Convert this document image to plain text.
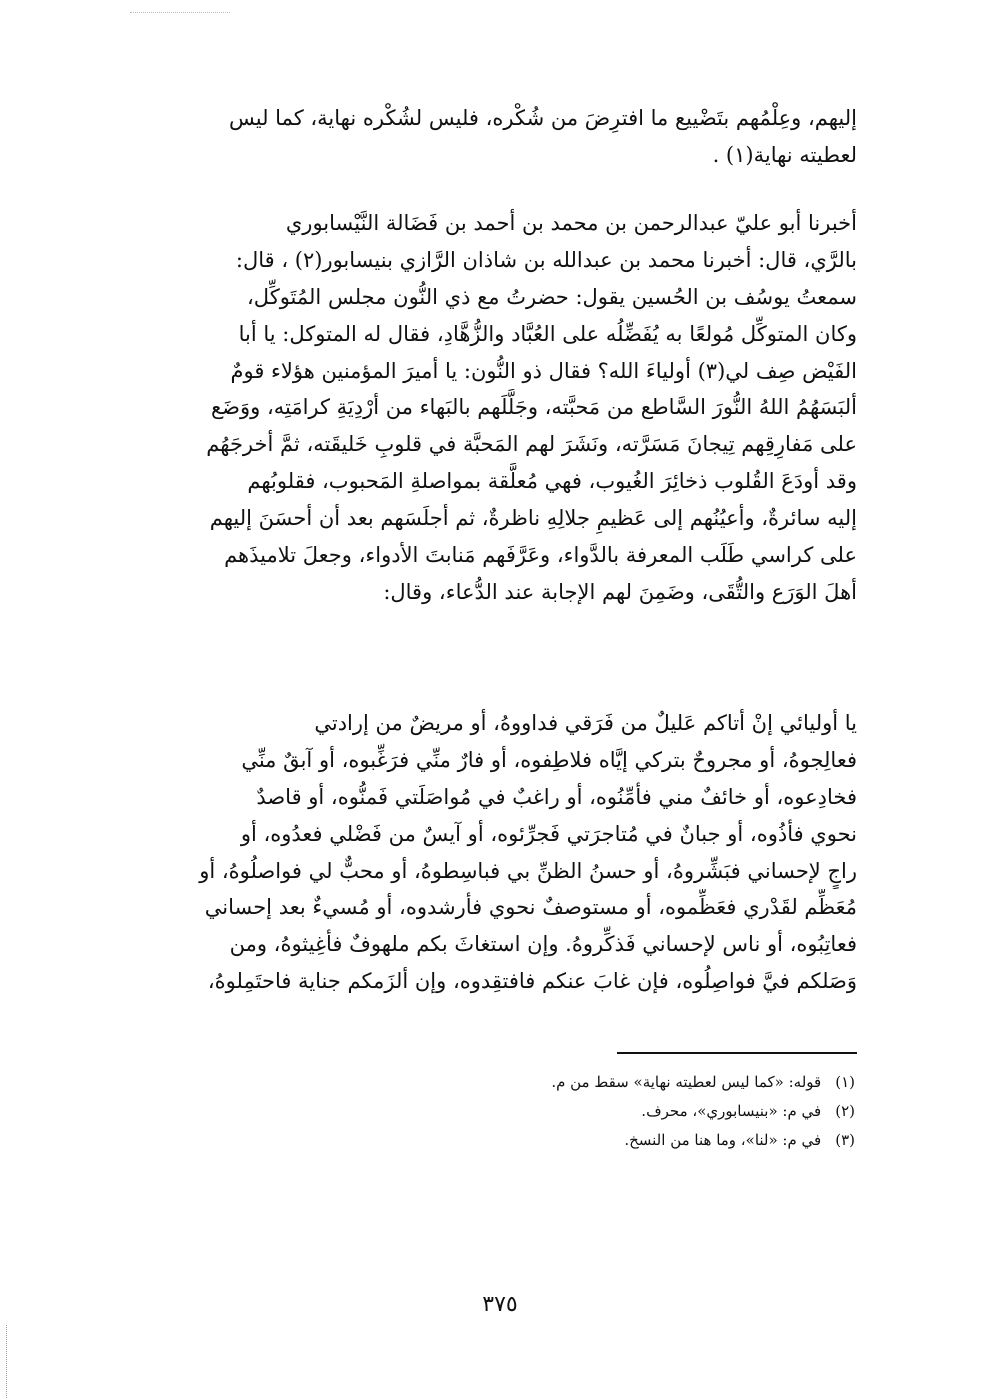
إليهم، وعِلْمُهم بتَضْييع ما افترِضَ من شُكْره، فليس لشُكْره نهاية، كما ليس
لعطيته نهاية(١) .

أخبرنا أبو عليّ عبدالرحمن بن محمد بن أحمد بن فَضَالة النَّيْسابوري
بالرَّي، قال: أخبرنا محمد بن عبدالله بن شاذان الرَّازي بنيسابور(٢) ، قال:
سمعتُ يوسُف بن الحُسين يقول: حضرتُ مع ذي النُّون مجلس المُتَوكِّل،
وكان المتوكِّل مُولعًا به يُفَضِّلُه على العُبَّاد والزُّهَّادِ، فقال له المتوكل: يا أبا
الفَيْض صِف لي(٣) أولياءَ الله؟ فقال ذو النُّون: يا أميرَ المؤمنين هؤلاء قومٌ
ألبَسَهُمُ اللهُ النُّورَ السَّاطع من مَحبَّته، وجَلَّلَهم بالبَهاء من أرْدِيَةِ كرامَتِه، ووَضَع
على مَفارِقِهم تِيجانَ مَسَرَّته، ونَشَرَ لهم المَحبَّة في قلوبِ خَليقَته، ثمَّ أخرجَهُم
وقد أودَعَ القُلوب ذخائِرَ الغُيوب، فهي مُعلَّقة بمواصلةِ المَحبوب، فقلوبُهم
إليه سائرةٌ، وأعيُنُهم إلى عَظيمِ جلالِهِ ناظرةٌ، ثم أجلَسَهم بعد أن أحسَنَ إليهم
على كراسي طَلَب المعرفة بالدَّواء، وعَرَّفَهم مَنابتَ الأدواء، وجعلَ تلاميذَهم
أهلَ الوَرَع والتُّقَى، وضَمِنَ لهم الإجابة عند الدُّعاء، وقال:

يا أوليائي إنْ أتاكم عَليلٌ من فَرَقي فداووهُ، أو مريضٌ من إرادتي
فعالِجوهُ، أو مجروحٌ بتركي إيَّاه فلاطِفوه، أو فارٌ منِّي فرَغِّبوه، أو آبقٌ منِّي
فخادِعوه، أو خائفٌ مني فأمِّنُوه، أو راغبٌ في مُواصَلَتي فَمنُّوه، أو قاصدٌ
نحوي فأذُوه، أو جبانٌ في مُتاجرَتي فَجرِّئوه، أو آيسٌ من فَضْلي فعدُوه، أو
راجٍ لإحساني فبَشِّروهُ، أو حسنُ الظنِّ بي فباسِطوهُ، أو محبٌّ لي فواصلُوهُ، أو
مُعَظِّم لقَدْري فعَظِّموه، أو مستوصفٌ نحوي فأرشدوه، أو مُسيءٌ بعد إحساني
فعاتِبُوه، أو ناس لإحساني فَذكِّروهُ. وإن استغاثَ بكم ملهوفٌ فأغِيثوهُ، ومن
وَصَلكم فيَّ فواصِلُوه، فإن غابَ عنكم فافتقِدوه، وإن ألزَمكم جناية فاحتَمِلوهُ،

(١)قوله: «كما ليس لعطيته نهاية» سقط من م.
(٢)في م: «بنيسابوري»، محرف.
(٣)في م: «لنا»، وما هنا من النسخ.
٣٧٥
